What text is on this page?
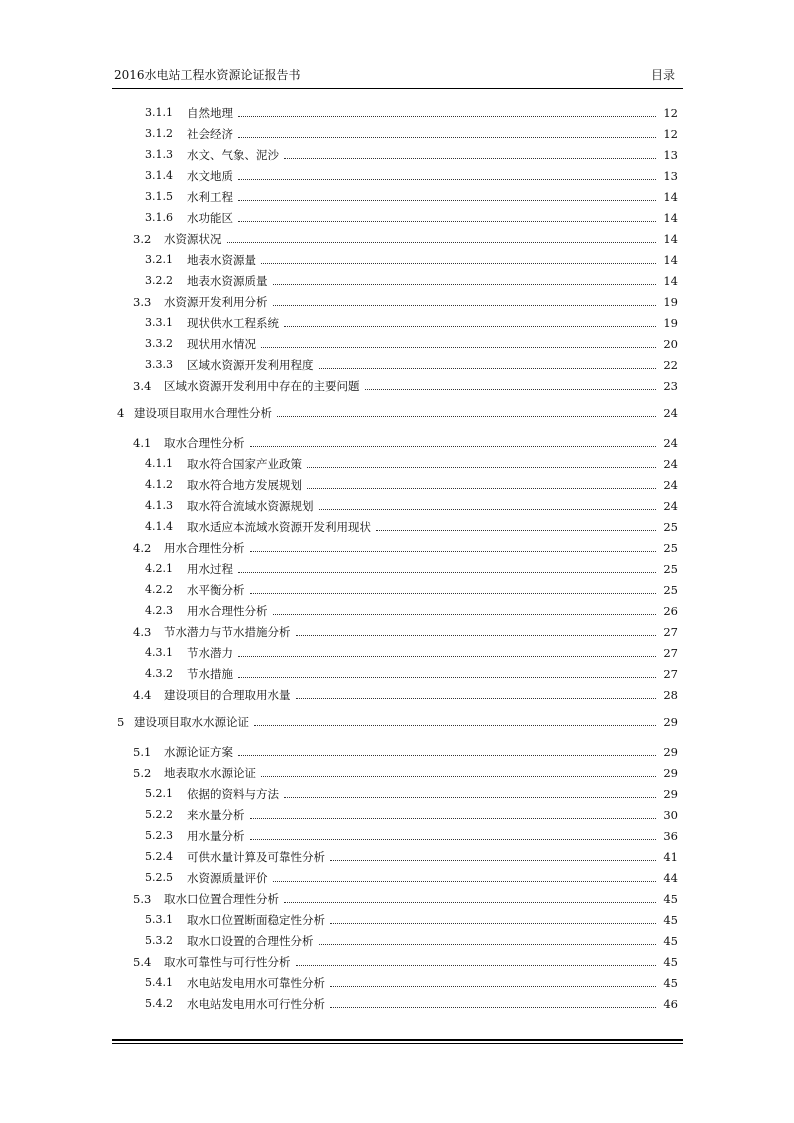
2016水电站工程水资源论证报告书	目录
3.1.1 自然地理	12
3.1.2 社会经济	12
3.1.3 水文、气象、泥沙	13
3.1.4 水文地质	13
3.1.5 水利工程	14
3.1.6 水功能区	14
3.2 水资源状况	14
3.2.1 地表水资源量	14
3.2.2 地表水资源质量	14
3.3 水资源开发利用分析	19
3.3.1 现状供水工程系统	19
3.3.2 现状用水情况	20
3.3.3 区域水资源开发利用程度	22
3.4 区域水资源开发利用中存在的主要问题	23
4 建设项目取用水合理性分析	24
4.1 取水合理性分析	24
4.1.1 取水符合国家产业政策	24
4.1.2 取水符合地方发展规划	24
4.1.3 取水符合流域水资源规划	24
4.1.4 取水适应本流域水资源开发利用现状	25
4.2 用水合理性分析	25
4.2.1 用水过程	25
4.2.2 水平衡分析	25
4.2.3 用水合理性分析	26
4.3 节水潜力与节水措施分析	27
4.3.1 节水潜力	27
4.3.2 节水措施	27
4.4 建设项目的合理取用水量	28
5 建设项目取水水源论证	29
5.1 水源论证方案	29
5.2 地表取水水源论证	29
5.2.1 依据的资料与方法	29
5.2.2 来水量分析	30
5.2.3 用水量分析	36
5.2.4 可供水量计算及可靠性分析	41
5.2.5 水资源质量评价	44
5.3 取水口位置合理性分析	45
5.3.1 取水口位置断面稳定性分析	45
5.3.2 取水口设置的合理性分析	45
5.4 取水可靠性与可行性分析	45
5.4.1 水电站发电用水可靠性分析	45
5.4.2 水电站发电用水可行性分析	46
